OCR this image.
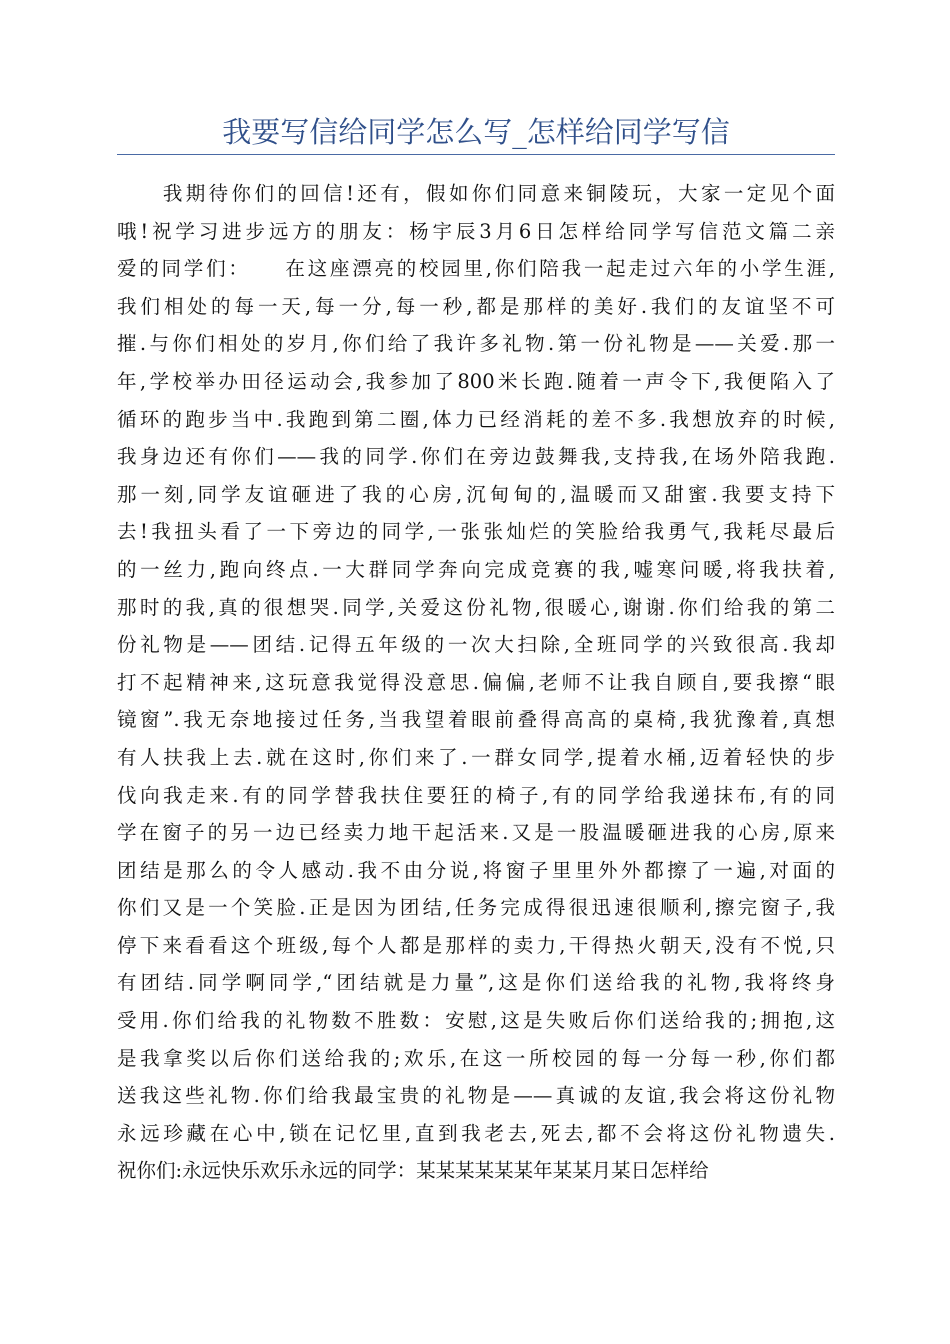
我要写信给同学怎么写_怎样给同学写信
　　我期待你们的回信!还有，假如你们同意来铜陵玩，大家一定见个面
哦!祝学习进步远方的朋友：杨宇辰3月6日怎样给同学写信范文篇二亲
爱的同学们：　　在这座漂亮的校园里,你们陪我一起走过六年的小学生涯,
我们相处的每一天,每一分,每一秒,都是那样的美好.我们的友谊坚不可
摧.与你们相处的岁月,你们给了我许多礼物.第一份礼物是——关爱.那一
年,学校举办田径运动会,我参加了800米长跑.随着一声令下,我便陷入了
循环的跑步当中.我跑到第二圈,体力已经消耗的差不多.我想放弃的时候,
我身边还有你们——我的同学.你们在旁边鼓舞我,支持我,在场外陪我跑.
那一刻,同学友谊砸进了我的心房,沉甸甸的,温暖而又甜蜜.我要支持下
去!我扭头看了一下旁边的同学,一张张灿烂的笑脸给我勇气,我耗尽最后
的一丝力,跑向终点.一大群同学奔向完成竞赛的我,嘘寒问暖,将我扶着,
那时的我,真的很想哭.同学,关爱这份礼物,很暖心,谢谢.你们给我的第二
份礼物是——团结.记得五年级的一次大扫除,全班同学的兴致很高.我却
打不起精神来,这玩意我觉得没意思.偏偏,老师不让我自顾自,要我擦“眼
镜窗”.我无奈地接过任务,当我望着眼前叠得高高的桌椅,我犹豫着,真想
有人扶我上去.就在这时,你们来了.一群女同学,提着水桶,迈着轻快的步
伐向我走来.有的同学替我扶住要狂的椅子,有的同学给我递抹布,有的同
学在窗子的另一边已经卖力地干起活来.又是一股温暖砸进我的心房,原来
团结是那么的令人感动.我不由分说,将窗子里里外外都擦了一遍,对面的
你们又是一个笑脸.正是因为团结,任务完成得很迅速很顺利,擦完窗子,我
停下来看看这个班级,每个人都是那样的卖力,干得热火朝天,没有不悦,只
有团结.同学啊同学,“团结就是力量”,这是你们送给我的礼物,我将终身
受用.你们给我的礼物数不胜数：安慰,这是失败后你们送给我的;拥抱,这
是我拿奖以后你们送给我的;欢乐,在这一所校园的每一分每一秒,你们都
送我这些礼物.你们给我最宝贵的礼物是——真诚的友谊,我会将这份礼物
永远珍藏在心中,锁在记忆里,直到我老去,死去,都不会将这份礼物遗失.
祝你们:永远快乐欢乐永远的同学：某某某某某某年某某月某日怎样给
